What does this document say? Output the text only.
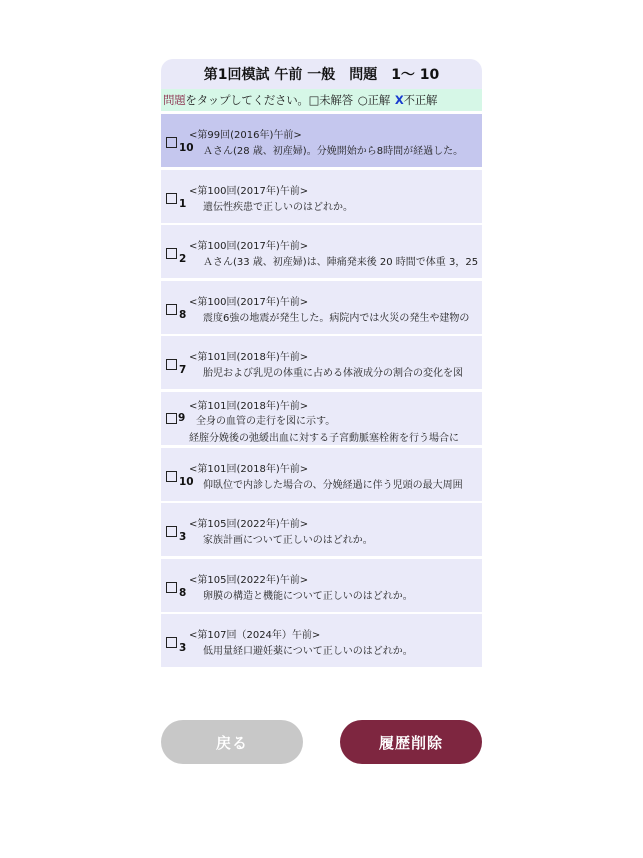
第1回模試 午前 一般　問題　1〜 10
問題 をタップしてください。 □未解答 ○正解 X 不正解
<第99回(2016年)午前>
10 Ａさん(28 歳、初産婦)。分娩開始から8時間が経過した。
<第100回(2017年)午前>
1 遺伝性疾患で正しいのはどれか。
<第100回(2017年)午前>
2 Ａさん(33 歳、初産婦)は、陣痛発来後 20 時間で体重 3，25
<第100回(2017年)午前>
8 震度6強の地震が発生した。病院内では火災の発生や建物の
<第101回(2018年)午前>
7 胎児および乳児の体重に占める体液成分の割合の変化を図
<第101回(2018年)午前>
9 全身の血管の走行を図に示す。
経腟分娩後の弛緩出血に対する子宮動脈塞栓術を行う場合に
<第101回(2018年)午前>
10 仰臥位で内診した場合の、分娩経過に伴う児頭の最大周囲
<第105回(2022年)午前>
3 家族計画について正しいのはどれか。
<第105回(2022年)午前>
8 卵膜の構造と機能について正しいのはどれか。
<第107回（2024年）午前>
3 低用量経口避妊薬について正しいのはどれか。
戻る	履歴削除
